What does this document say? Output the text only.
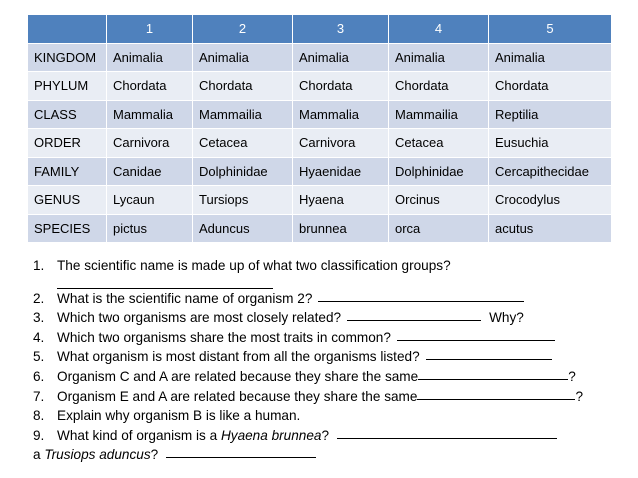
	1	2	3	4	5
KINGDOM	Animalia	Animalia	Animalia	Animalia	Animalia
PHYLUM	Chordata	Chordata	Chordata	Chordata	Chordata
CLASS	Mammalia	Mammailia	Mammalia	Mammailia	Reptilia
ORDER	Carnivora	Cetacea	Carnivora	Cetacea	Eusuchia
FAMILY	Canidae	Dolphinidae	Hyaenidae	Dolphinidae	Cercapithecidae
GENUS	Lycaun	Tursiops	Hyaena	Orcinus	Crocodylus
SPECIES	pictus	Aduncus	brunnea	orca	acutus
1. The scientific name is made up of what two classification groups?
2. What is the scientific name of organism 2?
3. Which two organisms are most closely related?	Why?
4. Which two organisms share the most traits in common?
5. What organism is most distant from all the organisms listed?
6. Organism C and A are related because they share the same	?
7. Organism E and A are related because they share the same	?
8. Explain why organism B is like a human.
9. What kind of organism is a Hyaena brunnea ?
a Trusiops aduncus ?
